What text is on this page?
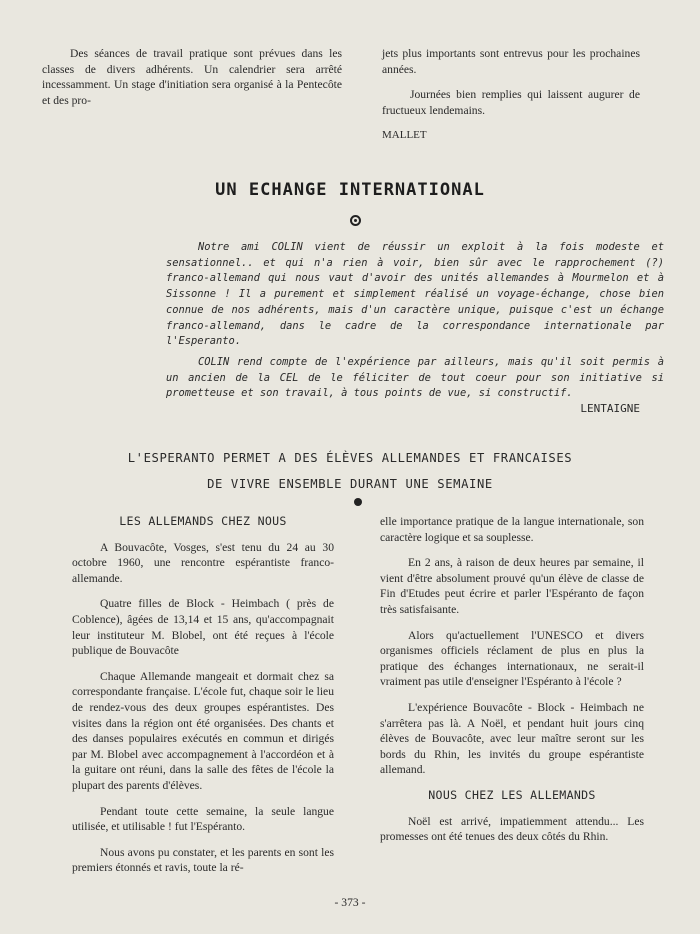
Des séances de travail pratique sont prévues dans les classes de divers adhérents. Un calendrier sera arrêté incessamment. Un stage d'initiation sera organisé à la Pentecôte et des pro-

jets plus importants sont entrevus pour les prochaines années.

Journées bien remplies qui laissent augurer de fructueux lendemains.

MALLET

UN ECHANGE INTERNATIONAL

Notre ami COLIN vient de réussir un exploit à la fois modeste et sensationnel.. et qui n'a rien à voir, bien sûr avec le rapprochement (?) franco-allemand qui nous vaut d'avoir des unités allemandes à Mourmelon et à Sissonne ! Il a purement et simplement réalisé un voyage-échange, chose bien connue de nos adhérents, mais d'un caractère unique, puisque c'est un échange franco-allemand, dans le cadre de la correspondance internationale par l'Esperanto.

COLIN rend compte de l'expérience par ailleurs, mais qu'il soit permis à un ancien de la CEL de le féliciter de tout coeur pour son initiative si prometteuse et son travail, à tous points de vue, si constructif.

LENTAIGNE
L'ESPERANTO PERMET A DES ÉLÈVES ALLEMANDES ET FRANCAISES
DE VIVRE ENSEMBLE DURANT UNE SEMAINE
LES ALLEMANDS CHEZ NOUS

A Bouvacôte, Vosges, s'est tenu du 24 au 30 octobre 1960, une rencontre espérantiste franco-allemande.

Quatre filles de Block - Heimbach ( près de Coblence), âgées de 13,14 et 15 ans, qu'accompagnait leur instituteur M. Blobel, ont été reçues à l'école publique de Bouvacôte

Chaque Allemande mangeait et dormait chez sa correspondante française. L'école fut, chaque soir le lieu de rendez-vous des deux groupes espérantistes. Des visites dans la région ont été organisées. Des chants et des danses populaires exécutés en commun et dirigés par M. Blobel avec accompagnement à l'accordéon et à la guitare ont réuni, dans la salle des fêtes de l'école la plupart des parents d'élèves.

Pendant toute cette semaine, la seule langue utilisée, et utilisable ! fut l'Espéranto.

Nous avons pu constater, et les parents en sont les premiers étonnés et ravis, toute la ré-

elle importance pratique de la langue internationale, son caractère logique et sa souplesse.

En 2 ans, à raison de deux heures par semaine, il vient d'être absolument prouvé qu'un élève de classe de Fin d'Etudes peut écrire et parler l'Espéranto de façon très satisfaisante.

Alors qu'actuellement l'UNESCO et divers organismes officiels réclament de plus en plus la pratique des échanges internationaux, ne serait-il vraiment pas utile d'enseigner l'Espéranto à l'école ?

L'expérience Bouvacôte - Block - Heimbach ne s'arrêtera pas là. A Noël, et pendant huit jours cinq élèves de Bouvacôte, avec leur maître seront sur les bords du Rhin, les invités du groupe espérantiste allemand.

NOUS CHEZ LES ALLEMANDS

Noël est arrivé, impatiemment attendu... Les promesses ont été tenues des deux côtés du Rhin.

- 373 -
